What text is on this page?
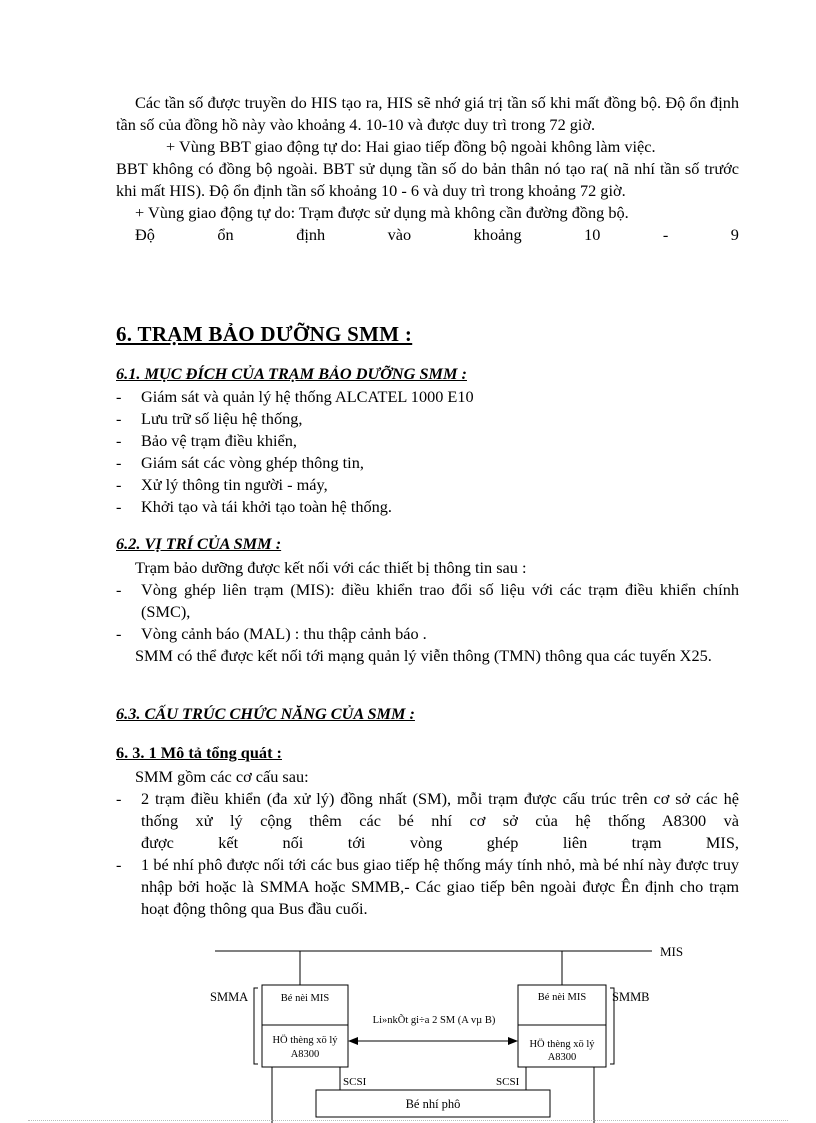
Các tần số được truyền do HIS tạo ra, HIS sẽ nhớ giá trị tần số khi mất đồng bộ. Độ ổn định tần số của đồng hồ này vào khoảng 4. 10-10 và được duy trì trong 72 giờ.

+ Vùng BBT giao động tự do: Hai giao tiếp đồng bộ ngoài không làm việc.

BBT không có đồng bộ ngoài. BBT sử dụng tần số do bản thân nó tạo ra( nã nhí tần số trước khi mất HIS). Độ ổn định tần số khoảng 10 - 6 và duy trì trong khoảng 72 giờ.

+ Vùng giao động tự do: Trạm được sử dụng mà không cần đường đồng bộ.

Độ	ổn	định	vào	khoảng	10	-	9
6. TRẠM BẢO DƯỠNG SMM :
6.1. MỤC ĐÍCH CỦA TRẠM BẢO DƯỠNG SMM :
- Giám sát và quản lý hệ thống ALCATEL 1000 E10
- Lưu trữ số liệu hệ thống,
- Bảo vệ trạm điều khiển,
- Giám sát các vòng ghép thông tin,
- Xử lý thông tin người - máy,
- Khởi tạo và tái khởi tạo toàn hệ thống.
6.2. VỊ TRÍ CỦA SMM :

Trạm bảo dưỡng được kết nối với các thiết bị thông tin sau :

- Vòng ghép liên trạm (MIS): điều khiển trao đổi số liệu với các trạm điều khiển chính (SMC),
- Vòng cảnh báo (MAL) : thu thập cảnh báo .

SMM có thể được kết nối tới mạng quản lý viễn thông (TMN) thông qua các tuyến X25.

6.3. CẤU TRÚC CHỨC NĂNG CỦA SMM :
6. 3. 1 Mô tả tổng quát :

SMM gồm các cơ cấu sau:

- 2 trạm điều khiển (đa xử lý) đồng nhất (SM), mỗi trạm được cấu trúc trên cơ sở các hệ thống xử lý cộng thêm các bé nhí cơ sở của hệ thống A8300 và
được	kết	nối	tới	vòng	ghép	liên	trạm	MIS,
- 1 bé nhí phô được nối tới các bus giao tiếp hệ thống máy tính nhỏ, mà bé nhí này được truy nhập bởi hoặc là SMMA hoặc SMMB,- Các giao tiếp bên ngoài được Ên định cho trạm hoạt động thông qua Bus đầu cuối.
MIS
Bé nèi MIS
HÖ thèng xö lý
A8300
Bé nèi MIS
HÖ thèng xö lý
A8300
SMMA	SMMB
Li»nkÕt gi÷a 2 SM (A vµ B)
SCSI	SCSI
Bé nhí phô
